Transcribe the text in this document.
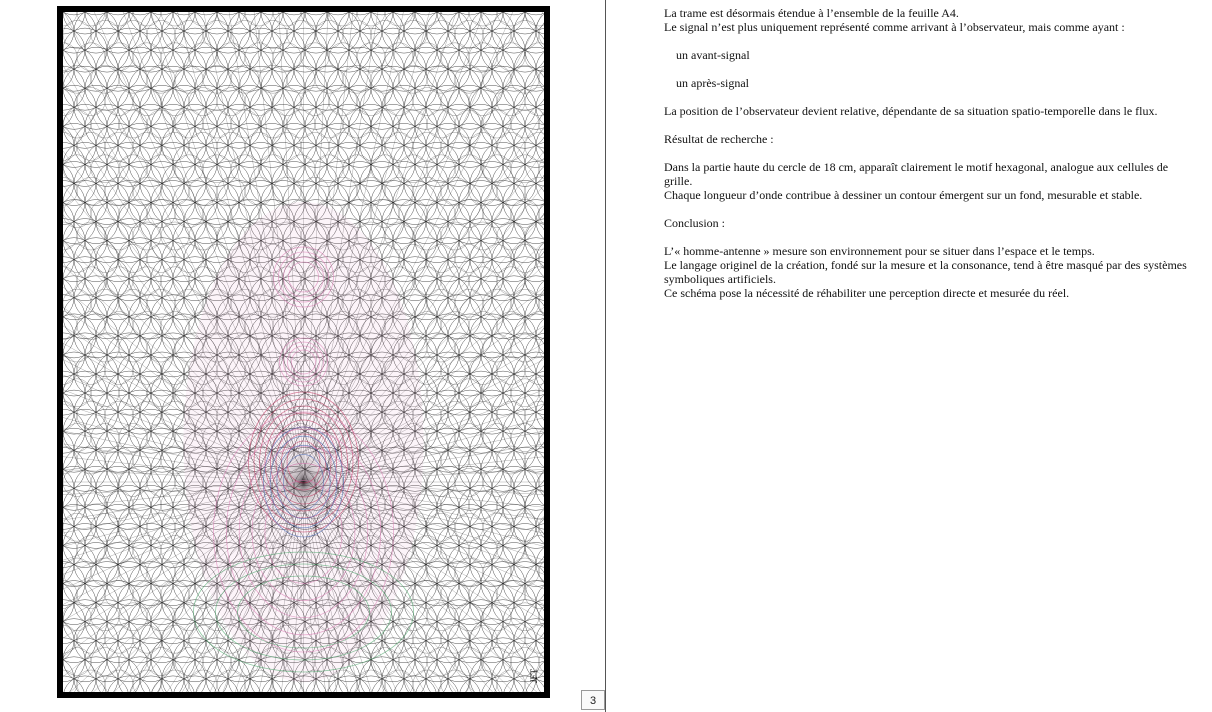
JFT
3

La trame est désormais étendue à l’ensemble de la feuille A4.

Le signal n’est plus uniquement représenté comme arrivant à l’observateur, mais comme ayant :

un avant-signal

un après-signal

La position de l’observateur devient relative, dépendante de sa situation spatio-temporelle dans le flux.

Résultat de recherche :

Dans la partie haute du cercle de 18 cm, apparaît clairement le motif hexagonal, analogue aux cellules de grille.

Chaque longueur d’onde contribue à dessiner un contour émergent sur un fond, mesurable et stable.

Conclusion :

L’« homme-antenne » mesure son environnement pour se situer dans l’espace et le temps.

Le langage originel de la création, fondé sur la mesure et la consonance, tend à être masqué par des systèmes symboliques artificiels.

Ce schéma pose la nécessité de réhabiliter une perception directe et mesurée du réel.
